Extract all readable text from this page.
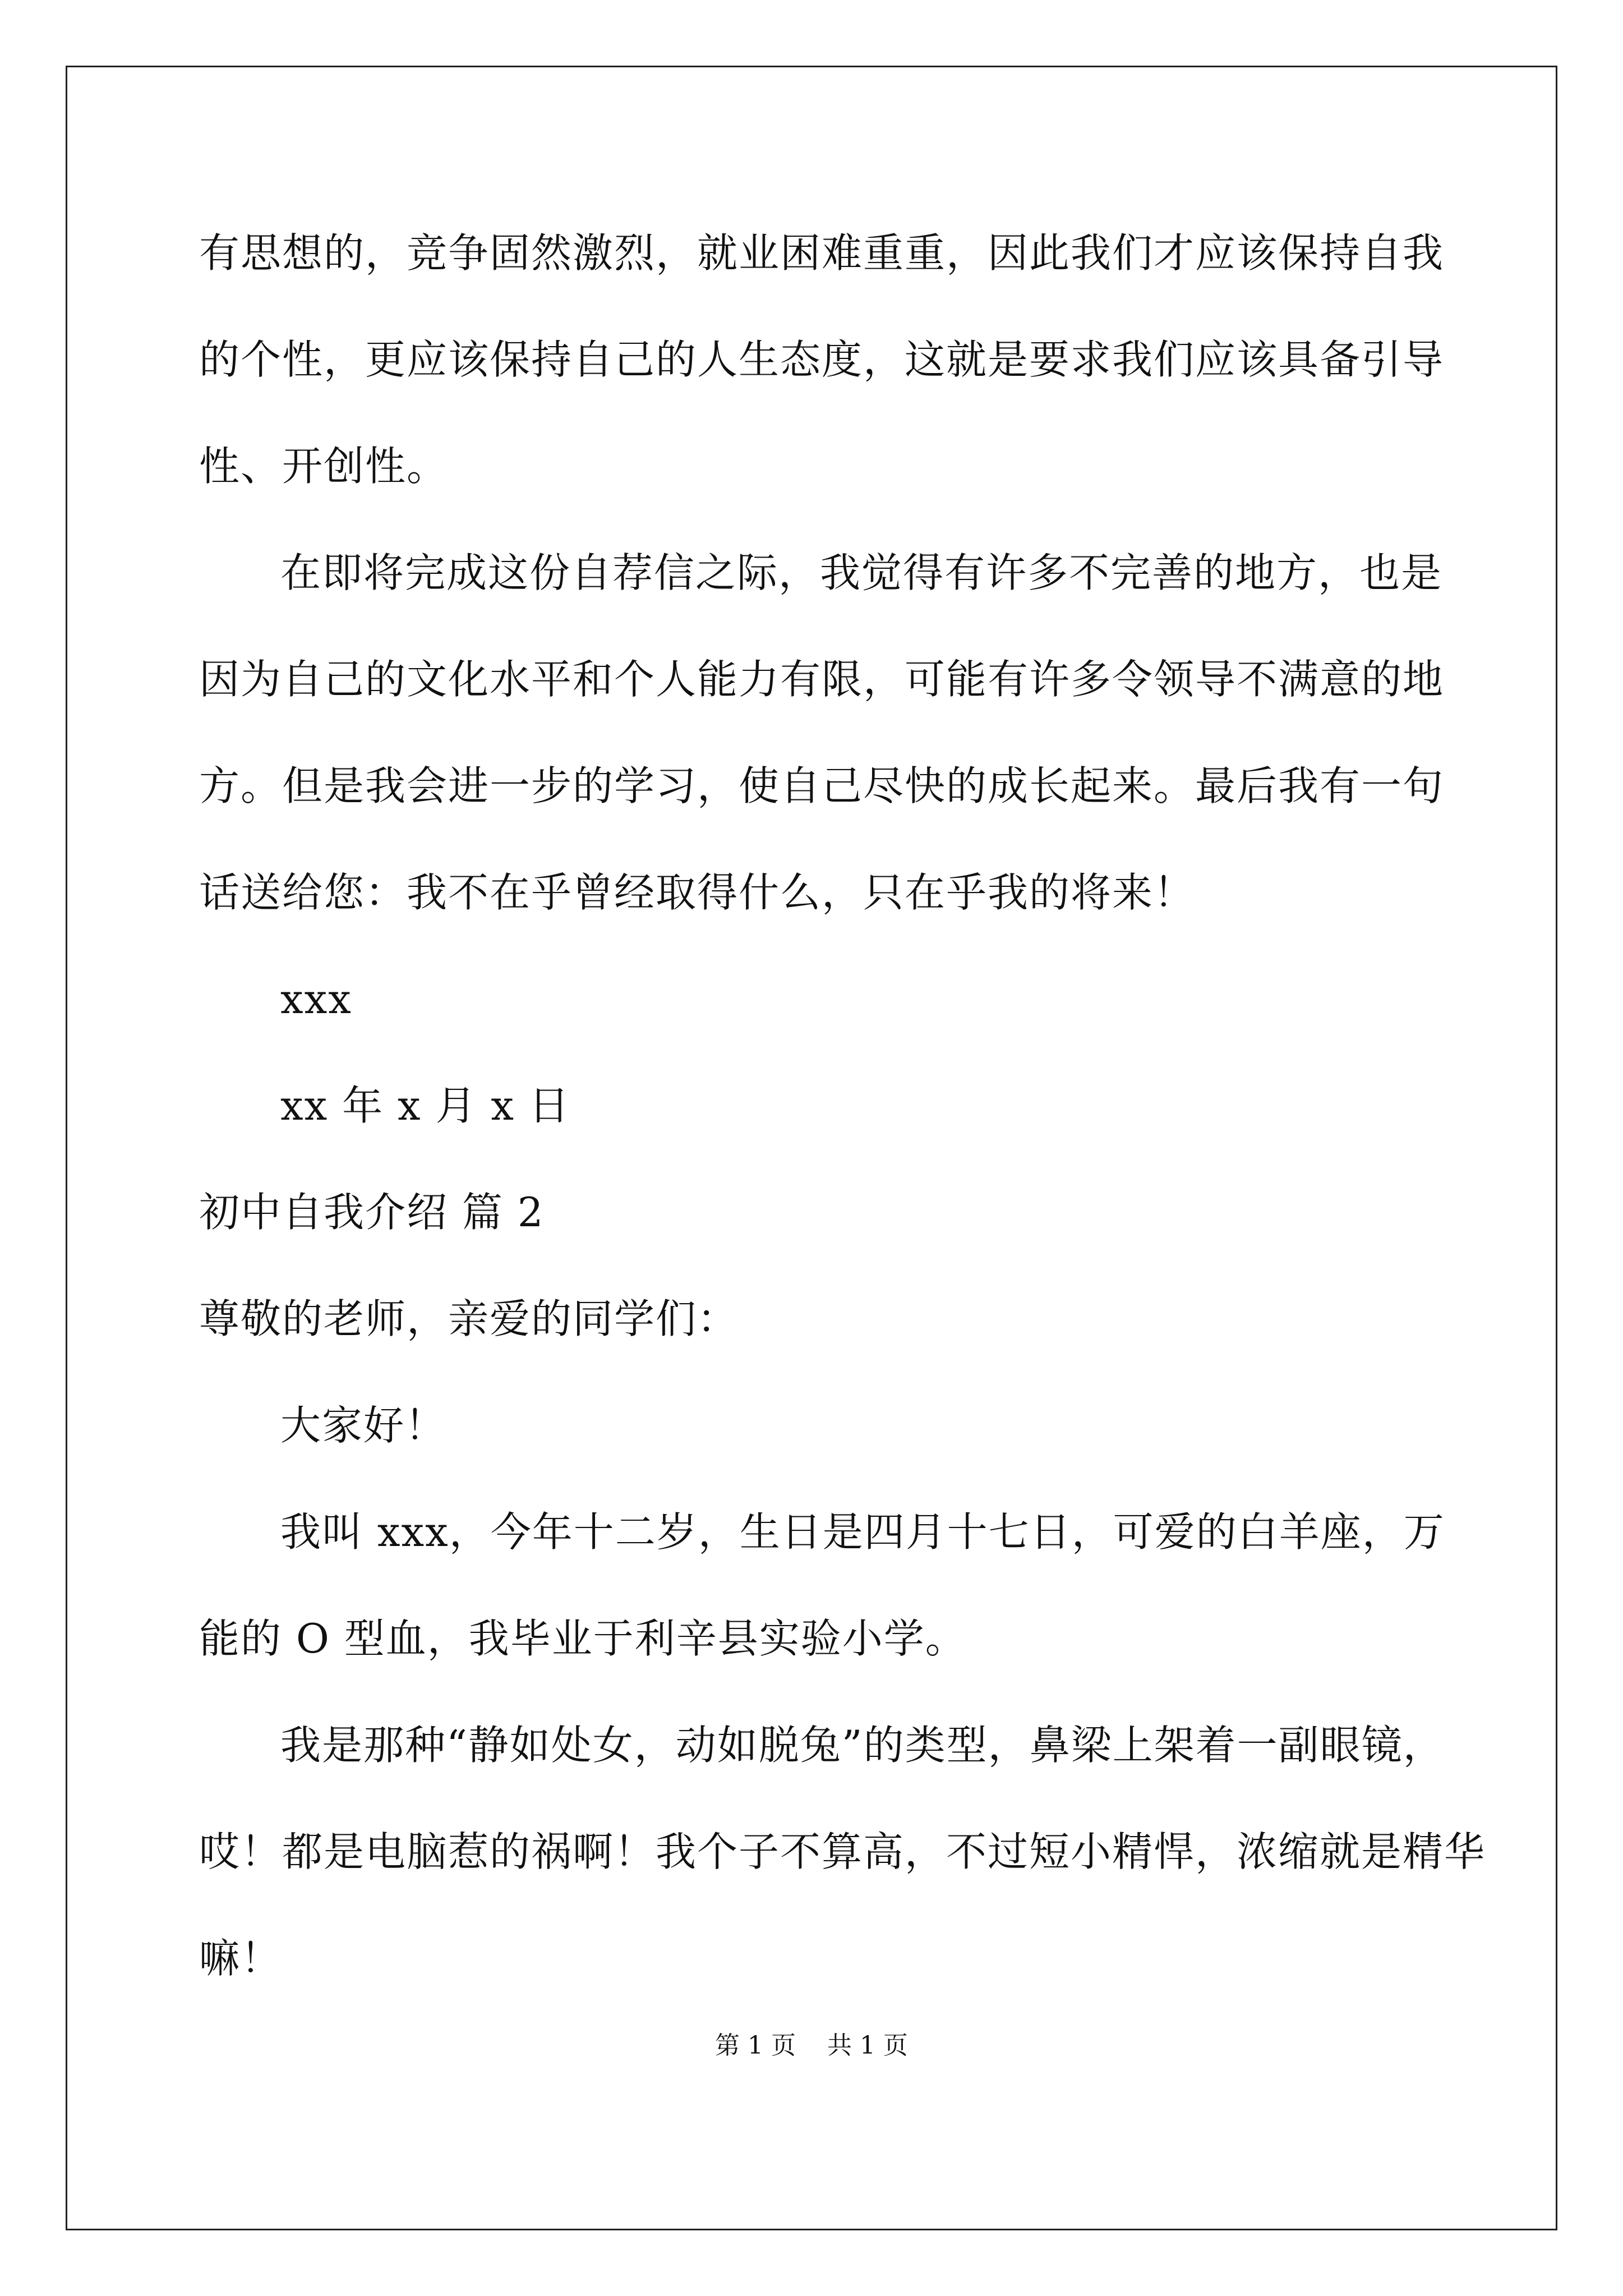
有思想的，竞争固然激烈，就业困难重重，因此我们才应该保持自我
的个性，更应该保持自己的人生态度，这就是要求我们应该具备引导
性、开创性。
在即将完成这份自荐信之际，我觉得有许多不完善的地方，也是
因为自己的文化水平和个人能力有限，可能有许多令领导不满意的地
方。但是我会进一步的学习，使自己尽快的成长起来。最后我有一句
话送给您：我不在乎曾经取得什么，只在乎我的将来！
xxx
xx 年 x 月 x 日
初中自我介绍 篇 2
尊敬的老师，亲爱的同学们：
大家好！
我叫 xxx，今年十二岁，生日是四月十七日，可爱的白羊座，万
能的 O 型血，我毕业于利辛县实验小学。
我是那种“静如处女，动如脱兔”的类型，鼻梁上架着一副眼镜，
哎！都是电脑惹的祸啊！我个子不算高，不过短小精悍，浓缩就是精华
嘛！
第 1 页    共 1 页
